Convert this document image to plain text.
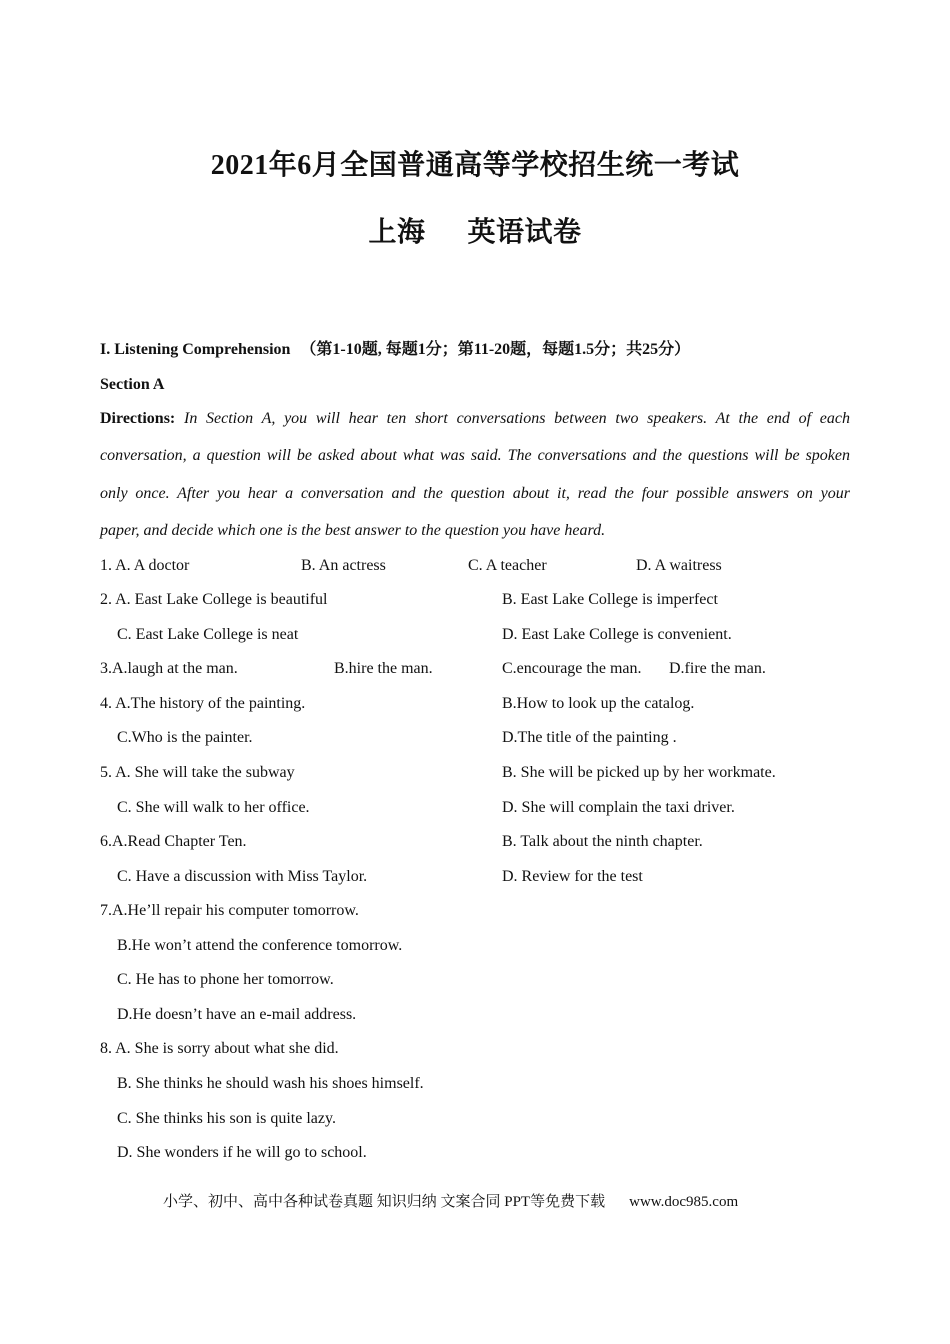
2021年6月全国普通高等学校招生统一考试
上海 英语试卷
I. Listening Comprehension （第1-10题, 每题1分；第11-20题，每题1.5分；共25分）
Section A
Directions: In Section A, you will hear ten short conversations between two speakers. At the end of each
conversation, a question will be asked about what was said. The conversations and the questions will be spoken
only once. After you hear a conversation and the question about it, read the four possible answers on your
paper, and decide which one is the best answer to the question you have heard.
1. A. A doctor	B. An actress	C. A teacher	D. A waitress
2. A. East Lake College is beautiful	B. East Lake College is imperfect
C. East Lake College is neat	D. East Lake College is convenient.
3.A.laugh at the man.	B.hire the man.	C.encourage the man. D.fire the man.
4. A.The history of the painting.	B.How to look up the catalog.
C.Who is the painter.	D.The title of the painting .
5. A. She will take the subway	B. She will be picked up by her workmate.
C. She will walk to her office.	D. She will complain the taxi driver.
6.A.Read Chapter Ten.	B. Talk about the ninth chapter.
C. Have a discussion with Miss Taylor.	D. Review for the test
7.A.He’ll repair his computer tomorrow.
B.He won’t attend the conference tomorrow.
C. He has to phone her tomorrow.
D.He doesn’t have an e-mail address.
8. A. She is sorry about what she did.
B. She thinks he should wash his shoes himself.
C. She thinks his son is quite lazy.
D. She wonders if he will go to school.
小学、初中、高中各种试卷真题 知识归纳 文案合同 PPT等免费下载 www.doc985.com
